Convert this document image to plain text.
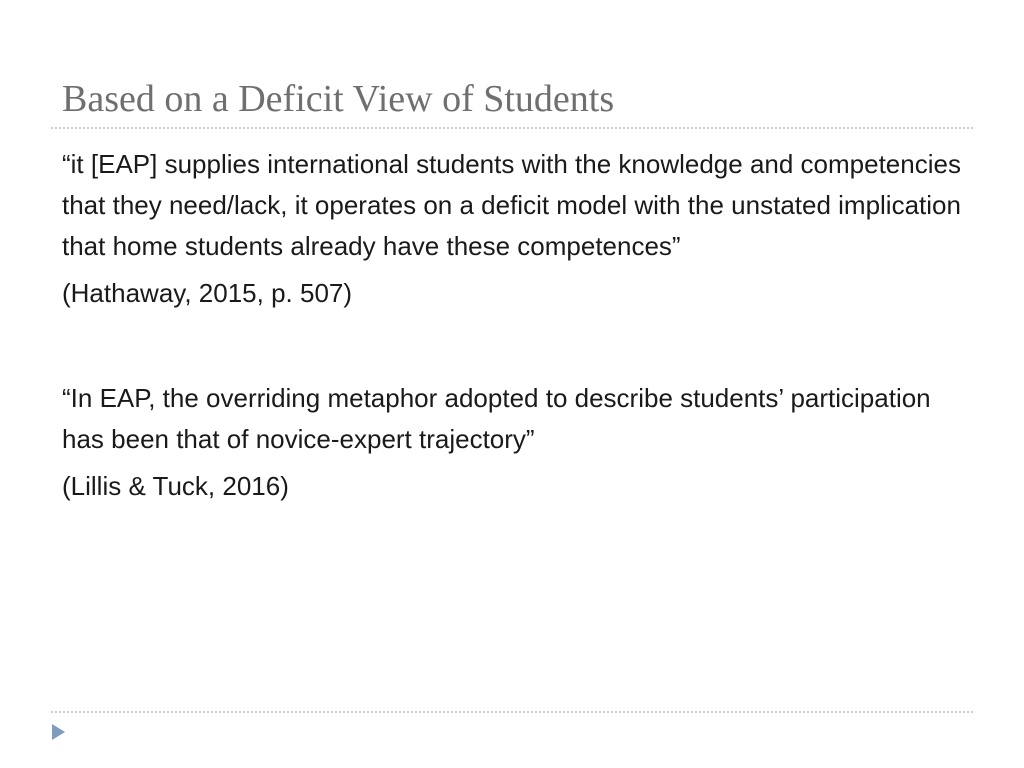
Based on a Deficit View of Students

“it [EAP] supplies international students with the knowledge and competencies that they need/lack, it operates on a deficit model with the unstated implication that home students already have these competences”

(Hathaway, 2015, p. 507)

“In EAP, the overriding metaphor adopted to describe students’ participation has been that of novice-expert trajectory”

(Lillis & Tuck, 2016)
